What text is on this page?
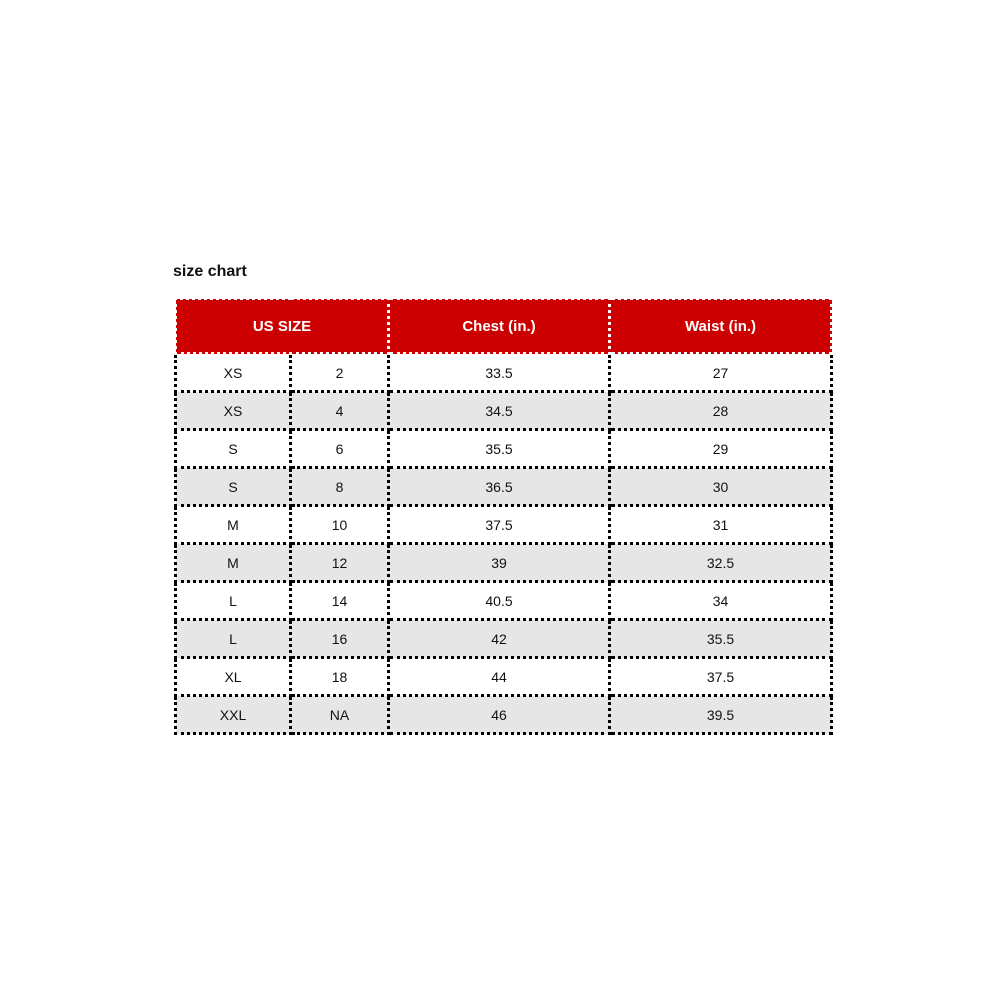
size chart
US SIZE		Chest (in.)	Waist (in.)
XS	2	33.5	27
XS	4	34.5	28
S	6	35.5	29
S	8	36.5	30
M	10	37.5	31
M	12	39	32.5
L	14	40.5	34
L	16	42	35.5
XL	18	44	37.5
XXL	NA	46	39.5
